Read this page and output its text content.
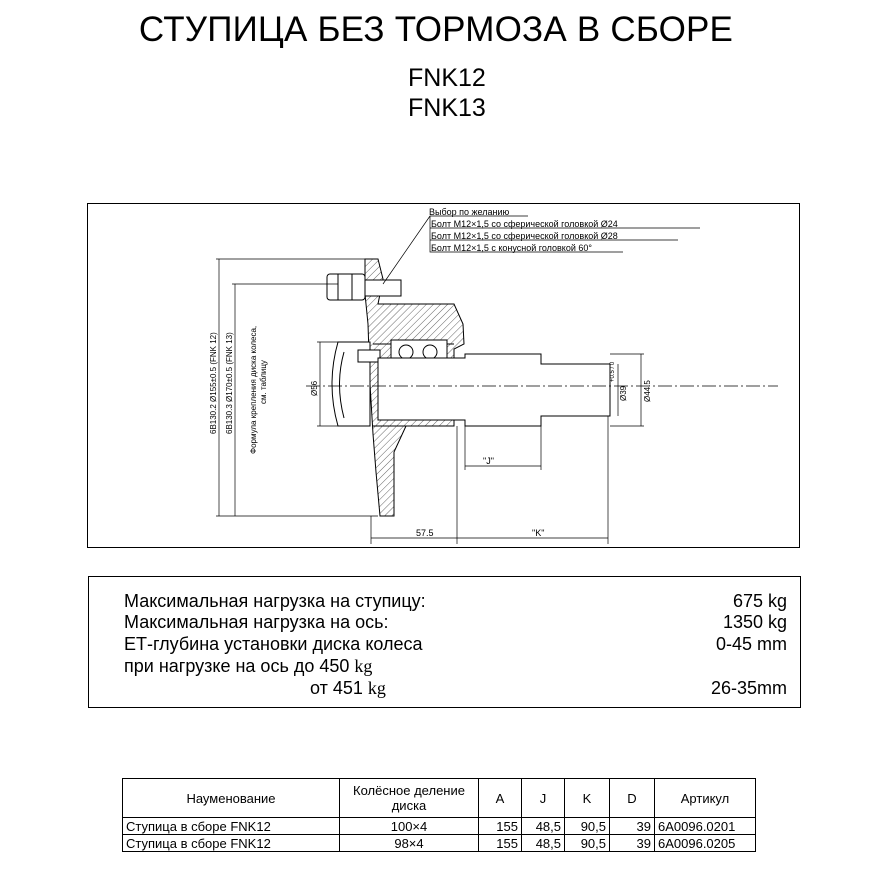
СТУПИЦА БЕЗ ТОРМОЗА В СБОРЕ
FNK12
FNK13
Выбор по желанию
Болт М12×1,5 со сферической головкой Ø24
Болт М12×1,5 со сферической головкой Ø28
Болт М12×1,5 с конусной головкой 60°
"J"
57.5	"K"
6В130.2 Ø155±0.5 (FNK 12) 6В130.3 Ø170±0.5 (FNK 13) Формула крепления диска колеса, см. таблицу	Ø56	Ø39
+0.5 / 0
Ø44.5
Максимальная нагрузка на ступицу:	675 kg
Максимальная нагрузка на ось:	1350 kg
ЕТ-глубина установки диска колеса	0-45 mm
при нагрузке на ось до 450 kg
от 451 kg	26-35mm
Науменование	Колёсное деление диска	A	J	K	D	Артикул
Ступица в сборе FNK12	100×4	155	48,5	90,5	39	6A0096.0201
Ступица в сборе FNK12	98×4	155	48,5	90,5	39	6A0096.0205
